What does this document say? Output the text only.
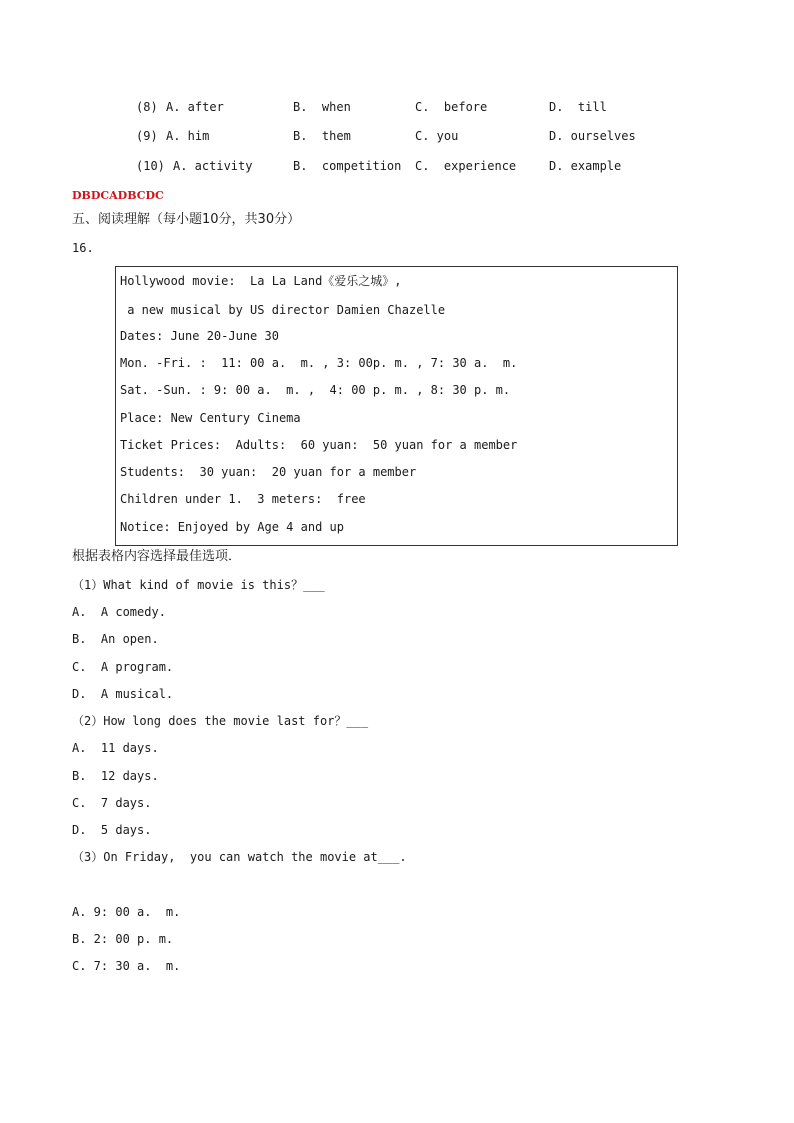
(8) A. after	B.  when	C.  before	D.  till
(9) A. him	B.  them	C. you	D. ourselves
(10) A. activity	B.  competition C.  experience	D. example
DBDCADBCDC
五、阅读理解（每小题10分，共30分）
16.
Hollywood movie:  La La Land《爱乐之城》,
a new musical by US director Damien Chazelle
Dates: June 20-June 30
Mon. -Fri. :  11: 00 a.  m. , 3: 00p. m. , 7: 30 a.  m.
Sat. -Sun. : 9: 00 a.  m. ,  4: 00 p. m. , 8: 30 p. m.
Place: New Century Cinema
Ticket Prices:  Adults:  60 yuan:  50 yuan for a member
Students:  30 yuan:  20 yuan for a member
Children under 1.  3 meters:  free
Notice: Enjoyed by Age 4 and up
根据表格内容选择最佳选项．
（1）What kind of movie is this？___
A.  A comedy.
B.  An open.
C.  A program.
D.  A musical.
（2）How long does the movie last for？___
A.  11 days.
B.  12 days.
C.  7 days.
D.  5 days.
（3）On Friday,  you can watch the movie at___.
A. 9: 00 a.  m.
B. 2: 00 p. m.
C. 7: 30 a.  m.
